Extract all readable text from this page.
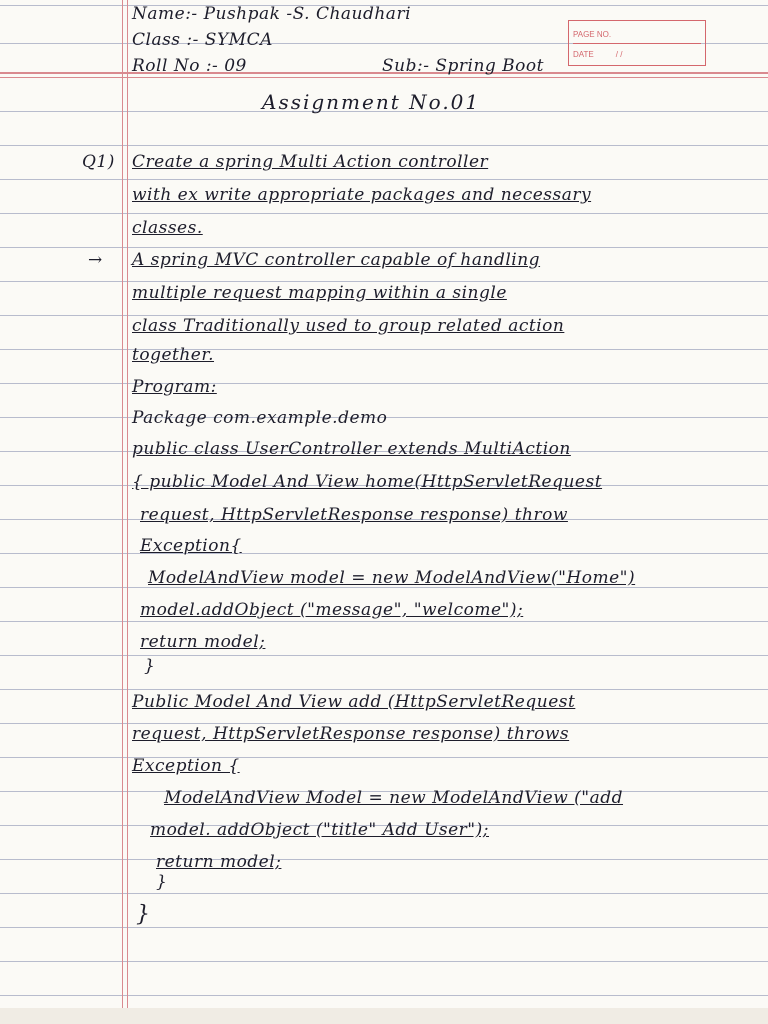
PAGE NO.
DATE	/ /

Name:- Pushpak -S. Chaudhari

Class :- SYMCA

Roll No :- 09	Sub:- Spring Boot

Assignment No.01

Q1) Create a spring Multi Action controller

with ex write appropriate packages and necessary

classes.

→ A spring MVC controller capable of handling

multiple request mapping within a single

class Traditionally used to group related action

together.

Program:

Package com.example.demo

public class UserController extends MultiAction

{ public Model And View home(HttpServletRequest

request, HttpServletResponse response) throw

Exception{

ModelAndView model = new ModelAndView("Home")

model.addObject ("message", "welcome");

return model;

}

Public Model And View add (HttpServletRequest

request, HttpServletResponse response) throws

Exception {

ModelAndView Model = new ModelAndView ("add

model. addObject ("title" Add User");

return model;

}

}
